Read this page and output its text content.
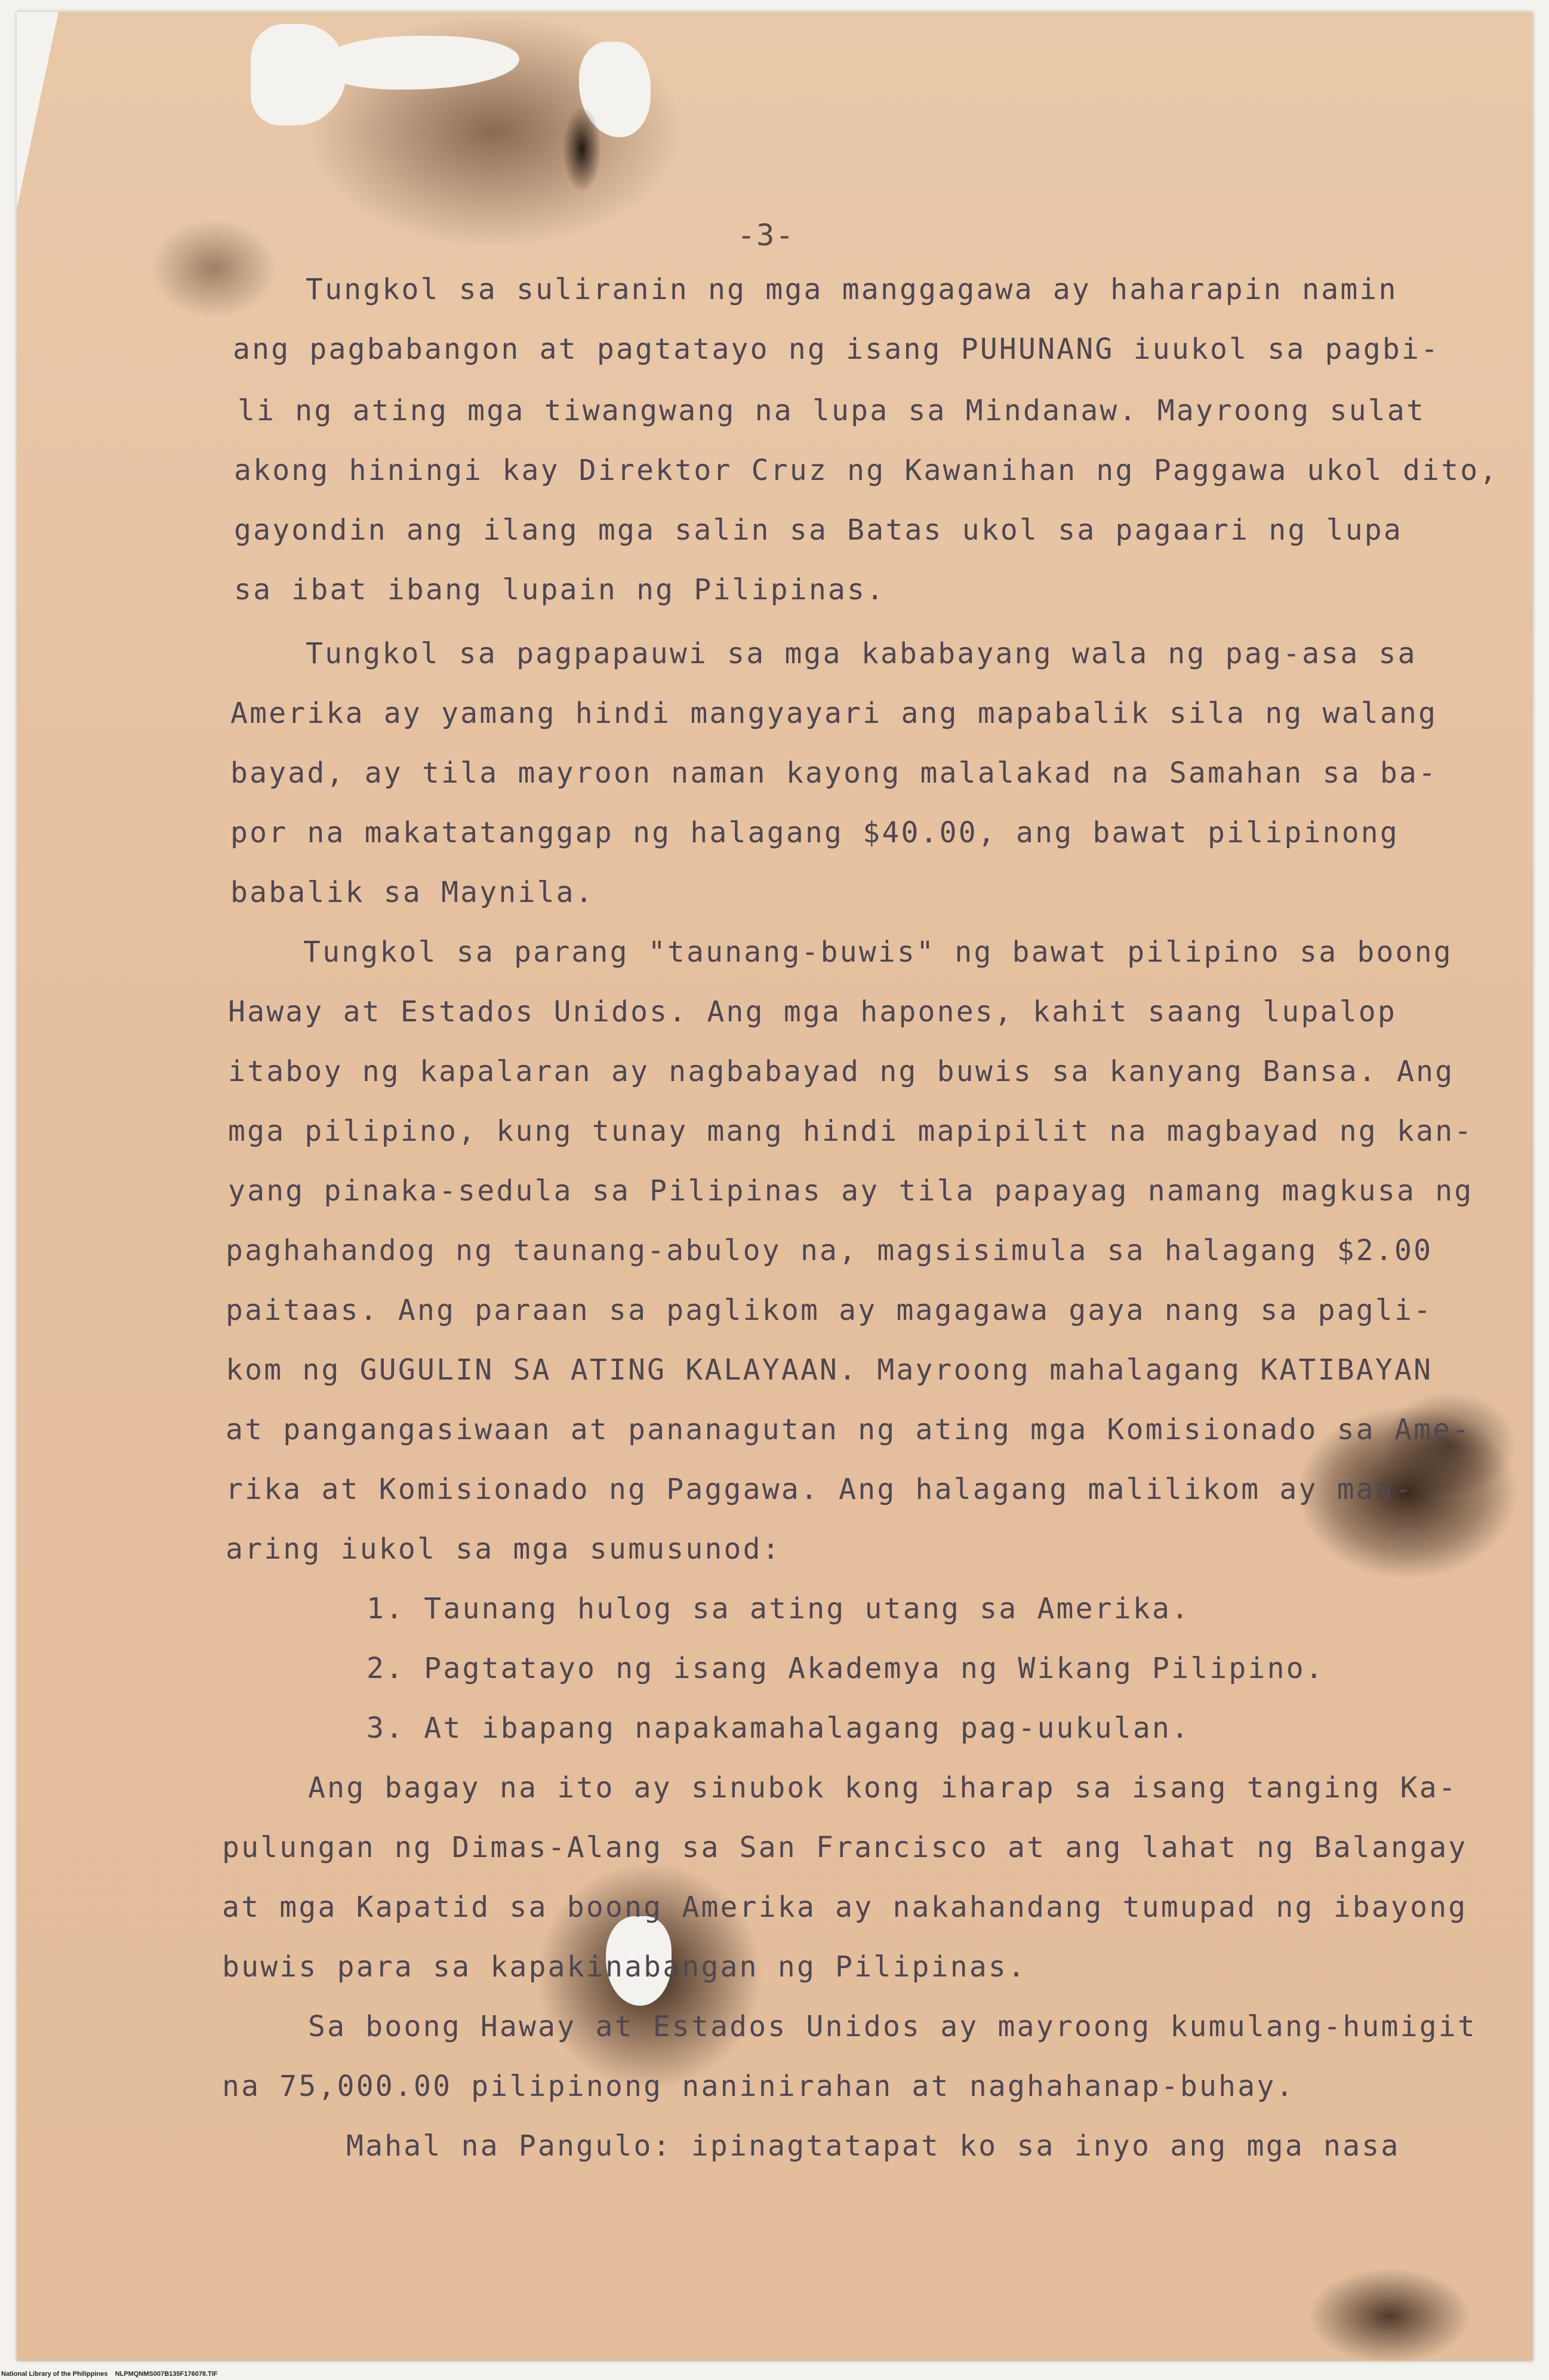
-3-
Tungkol sa suliranin ng mga manggagawa ay haharapin namin
ang pagbabangon at pagtatayo ng isang PUHUNANG iuukol sa pagbi-
li ng ating mga tiwangwang na lupa sa Mindanaw. Mayroong sulat
akong hiningi kay Direktor Cruz ng Kawanihan ng Paggawa ukol dito,
gayondin ang ilang mga salin sa Batas ukol sa pagaari ng lupa
sa ibat ibang lupain ng Pilipinas.
Tungkol sa pagpapauwi sa mga kababayang wala ng pag-asa sa
Amerika ay yamang hindi mangyayari ang mapabalik sila ng walang
bayad, ay tila mayroon naman kayong malalakad na Samahan sa ba-
por na makatatanggap ng halagang $40.00, ang bawat pilipinong
babalik sa Maynila.
Tungkol sa parang "taunang-buwis" ng bawat pilipino sa boong
Haway at Estados Unidos. Ang mga hapones, kahit saang lupalop
itaboy ng kapalaran ay nagbabayad ng buwis sa kanyang Bansa. Ang
mga pilipino, kung tunay mang hindi mapipilit na magbayad ng kan-
yang pinaka-sedula sa Pilipinas ay tila papayag namang magkusa ng
paghahandog ng taunang-abuloy na, magsisimula sa halagang $2.00
paitaas. Ang paraan sa paglikom ay magagawa gaya nang sa pagli-
kom ng GUGULIN SA ATING KALAYAAN. Mayroong mahalagang KATIBAYAN
at pangangasiwaan at pananagutan ng ating mga Komisionado sa Ame-
rika at Komisionado ng Paggawa. Ang halagang malilikom ay maa-
aring iukol sa mga sumusunod:
1. Taunang hulog sa ating utang sa Amerika.
2. Pagtatayo ng isang Akademya ng Wikang Pilipino.
3. At ibapang napakamahalagang pag-uukulan.
Ang bagay na ito ay sinubok kong iharap sa isang tanging Ka-
pulungan ng Dimas-Alang sa San Francisco at ang lahat ng Balangay
at mga Kapatid sa boong Amerika ay nakahandang tumupad ng ibayong
buwis para sa kapakinabangan ng Pilipinas.
Sa boong Haway at Estados Unidos ay mayroong kumulang-humigit
na 75,000.00 pilipinong naninirahan at naghahanap-buhay.
Mahal na Pangulo: ipinagtatapat ko sa inyo ang mga nasa
National Library of the Philippines    NLPMQNMS007B135F176078.TIF
